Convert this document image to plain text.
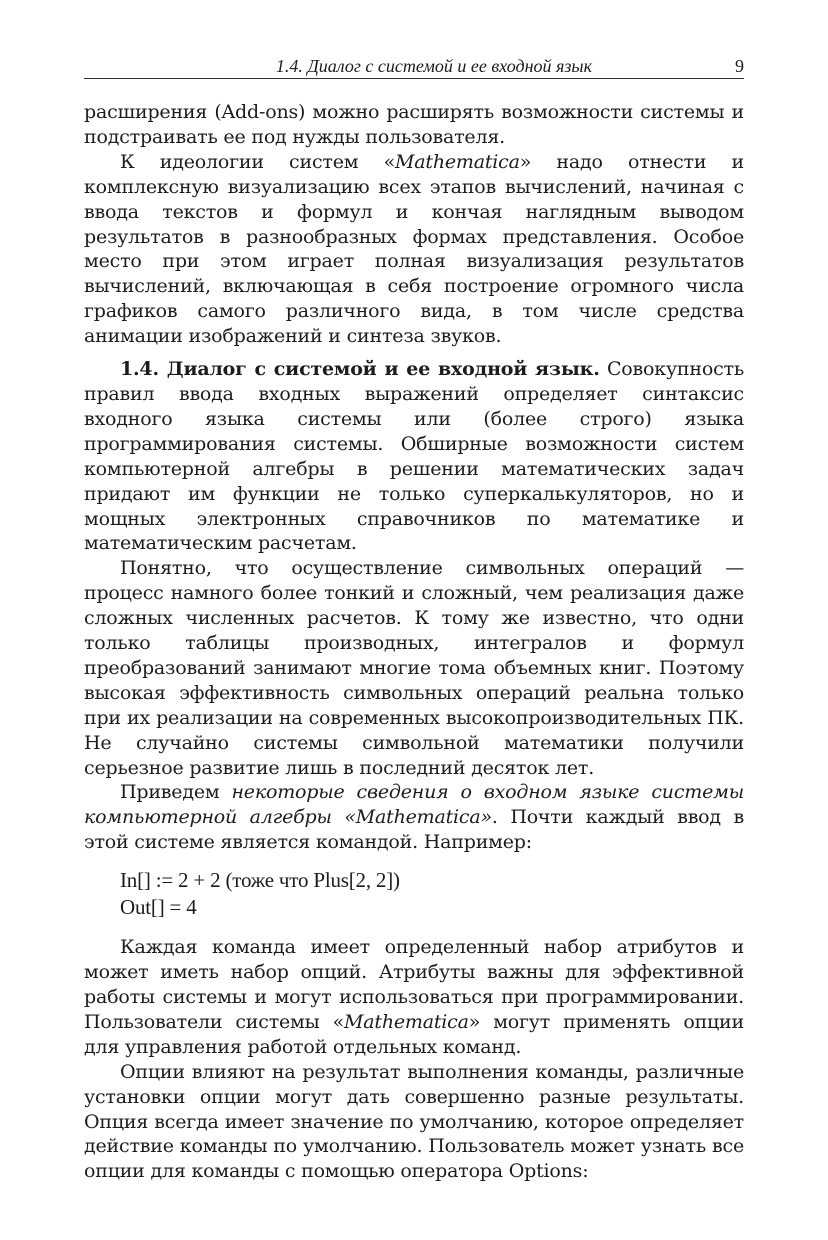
1.4. Диалог с системой и ее входной язык	9

расширения (Add-ons) можно расширять возможности системы и подстраивать ее под нужды пользователя.

К идеологии систем «Mathematica» надо отнести и комплексную визуализацию всех этапов вычислений, начиная с ввода текстов и формул и кончая наглядным выводом результатов в разнообразных формах представления. Особое место при этом играет полная визуализация результатов вычислений, включающая в себя построение огромного числа графиков самого различного вида, в том числе средства анимации изображений и синтеза звуков.

1.4. Диалог с системой и ее входной язык. Совокупность правил ввода входных выражений определяет синтаксис входного языка системы или (более строго) языка программирования системы. Обширные возможности систем компьютерной алгебры в решении математических задач придают им функции не только суперкалькуляторов, но и мощных электронных справочников по математике и математическим расчетам.

Понятно, что осуществление символьных операций — процесс намного более тонкий и сложный, чем реализация даже сложных численных расчетов. К тому же известно, что одни только таблицы производных, интегралов и формул преобразований занимают многие тома объемных книг. Поэтому высокая эффективность символьных операций реальна только при их реализации на современных высокопроизводительных ПК. Не случайно системы символьной математики получили серьезное развитие лишь в последний десяток лет.

Приведем некоторые сведения о входном языке системы компьютерной алгебры «Mathematica». Почти каждый ввод в этой системе является командой. Например:

In[] := 2 + 2 (тоже что Plus[2, 2])
Out[] = 4

Каждая команда имеет определенный набор атрибутов и может иметь набор опций. Атрибуты важны для эффективной работы системы и могут использоваться при программировании. Пользователи системы «Mathematica» могут применять опции для управления работой отдельных команд.

Опции влияют на результат выполнения команды, различные установки опции могут дать совершенно разные результаты. Опция всегда имеет значение по умолчанию, которое определяет действие команды по умолчанию. Пользователь может узнать все опции для команды с помощью оператора Options:
